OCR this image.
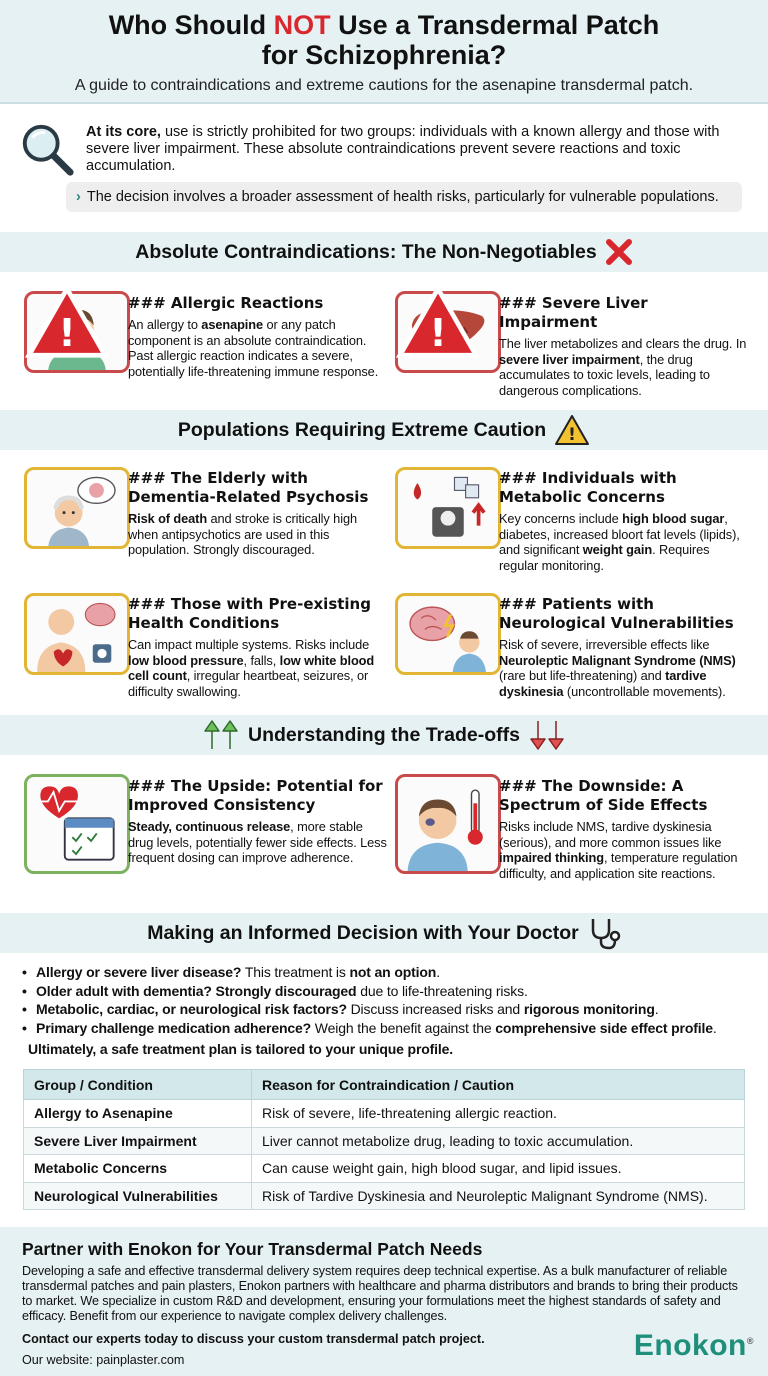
Who Should NOT Use a Transdermal Patch
for Schizophrenia?
A guide to contraindications and extreme cautions for the asenapine transdermal patch.

At its core, use is strictly prohibited for two groups: individuals with a known allergy and those with severe liver impairment. These absolute contraindications prevent severe reactions and toxic accumulation.

› The decision involves a broader assessment of health risks, particularly for vulnerable populations.
Absolute Contraindications: The Non-Negotiables
!
### Allergic Reactions
An allergy to asenapine or any patch component is an absolute contraindication. Past allergic reaction indicates a severe, potentially life-threatening immune response.
!
### Severe Liver Impairment
The liver metabolizes and clears the drug. In severe liver impairment, the drug accumulates to toxic levels, leading to dangerous complications.
Populations Requiring Extreme Caution !
### The Elderly with Dementia-Related Psychosis
Risk of death and stroke is critically high when antipsychotics are used in this population. Strongly discouraged.
### Individuals with Metabolic Concerns
Key concerns include high blood sugar, diabetes, increased bloort fat levels (lipids), and significant weight gain. Requires regular monitoring.
### Those with Pre-existing Health Conditions
Can impact multiple systems. Risks include low blood pressure, falls, low white blood cell count, irregular heartbeat, seizures, or difficulty swallowing.
### Patients with Neurological Vulnerabilities
Risk of severe, irreversible effects like Neuroleptic Malignant Syndrome (NMS) (rare but life-threatening) and tardive dyskinesia (uncontrollable movements).
Understanding the Trade-offs
### The Upside: Potential for Improved Consistency
Steady, continuous release, more stable drug levels, potentially fewer side effects. Less frequent dosing can improve adherence.
### The Downside: A Spectrum of Side Effects
Risks include NMS, tardive dyskinesia (serious), and more common issues like impaired thinking, temperature regulation difficulty, and application site reactions.
Making an Informed Decision with Your Doctor
• Allergy or severe liver disease? This treatment is not an option.
• Older adult with dementia? Strongly discouraged due to life-threatening risks.
• Metabolic, cardiac, or neurological risk factors? Discuss increased risks and rigorous monitoring.
• Primary challenge medication adherence? Weigh the benefit against the comprehensive side effect profile.
Ultimately, a safe treatment plan is tailored to your unique profile.
Group / Condition	Reason for Contraindication / Caution
Allergy to Asenapine	Risk of severe, life-threatening allergic reaction.
Severe Liver Impairment	Liver cannot metabolize drug, leading to toxic accumulation.
Metabolic Concerns	Can cause weight gain, high blood sugar, and lipid issues.
Neurological Vulnerabilities	Risk of Tardive Dyskinesia and Neuroleptic Malignant Syndrome (NMS).
Partner with Enokon for Your Transdermal Patch Needs
Developing a safe and effective transdermal delivery system requires deep technical expertise. As a bulk manufacturer of reliable transdermal patches and pain plasters, Enokon partners with healthcare and pharma distributors and brands to bring their products to market. We specialize in custom R&D and development, ensuring your formulations meet the highest standards of safety and efficacy. Benefit from our experience to navigate complex delivery challenges.
Contact our experts today to discuss your custom transdermal patch project.
Our website: painplaster.com	Enokon®
